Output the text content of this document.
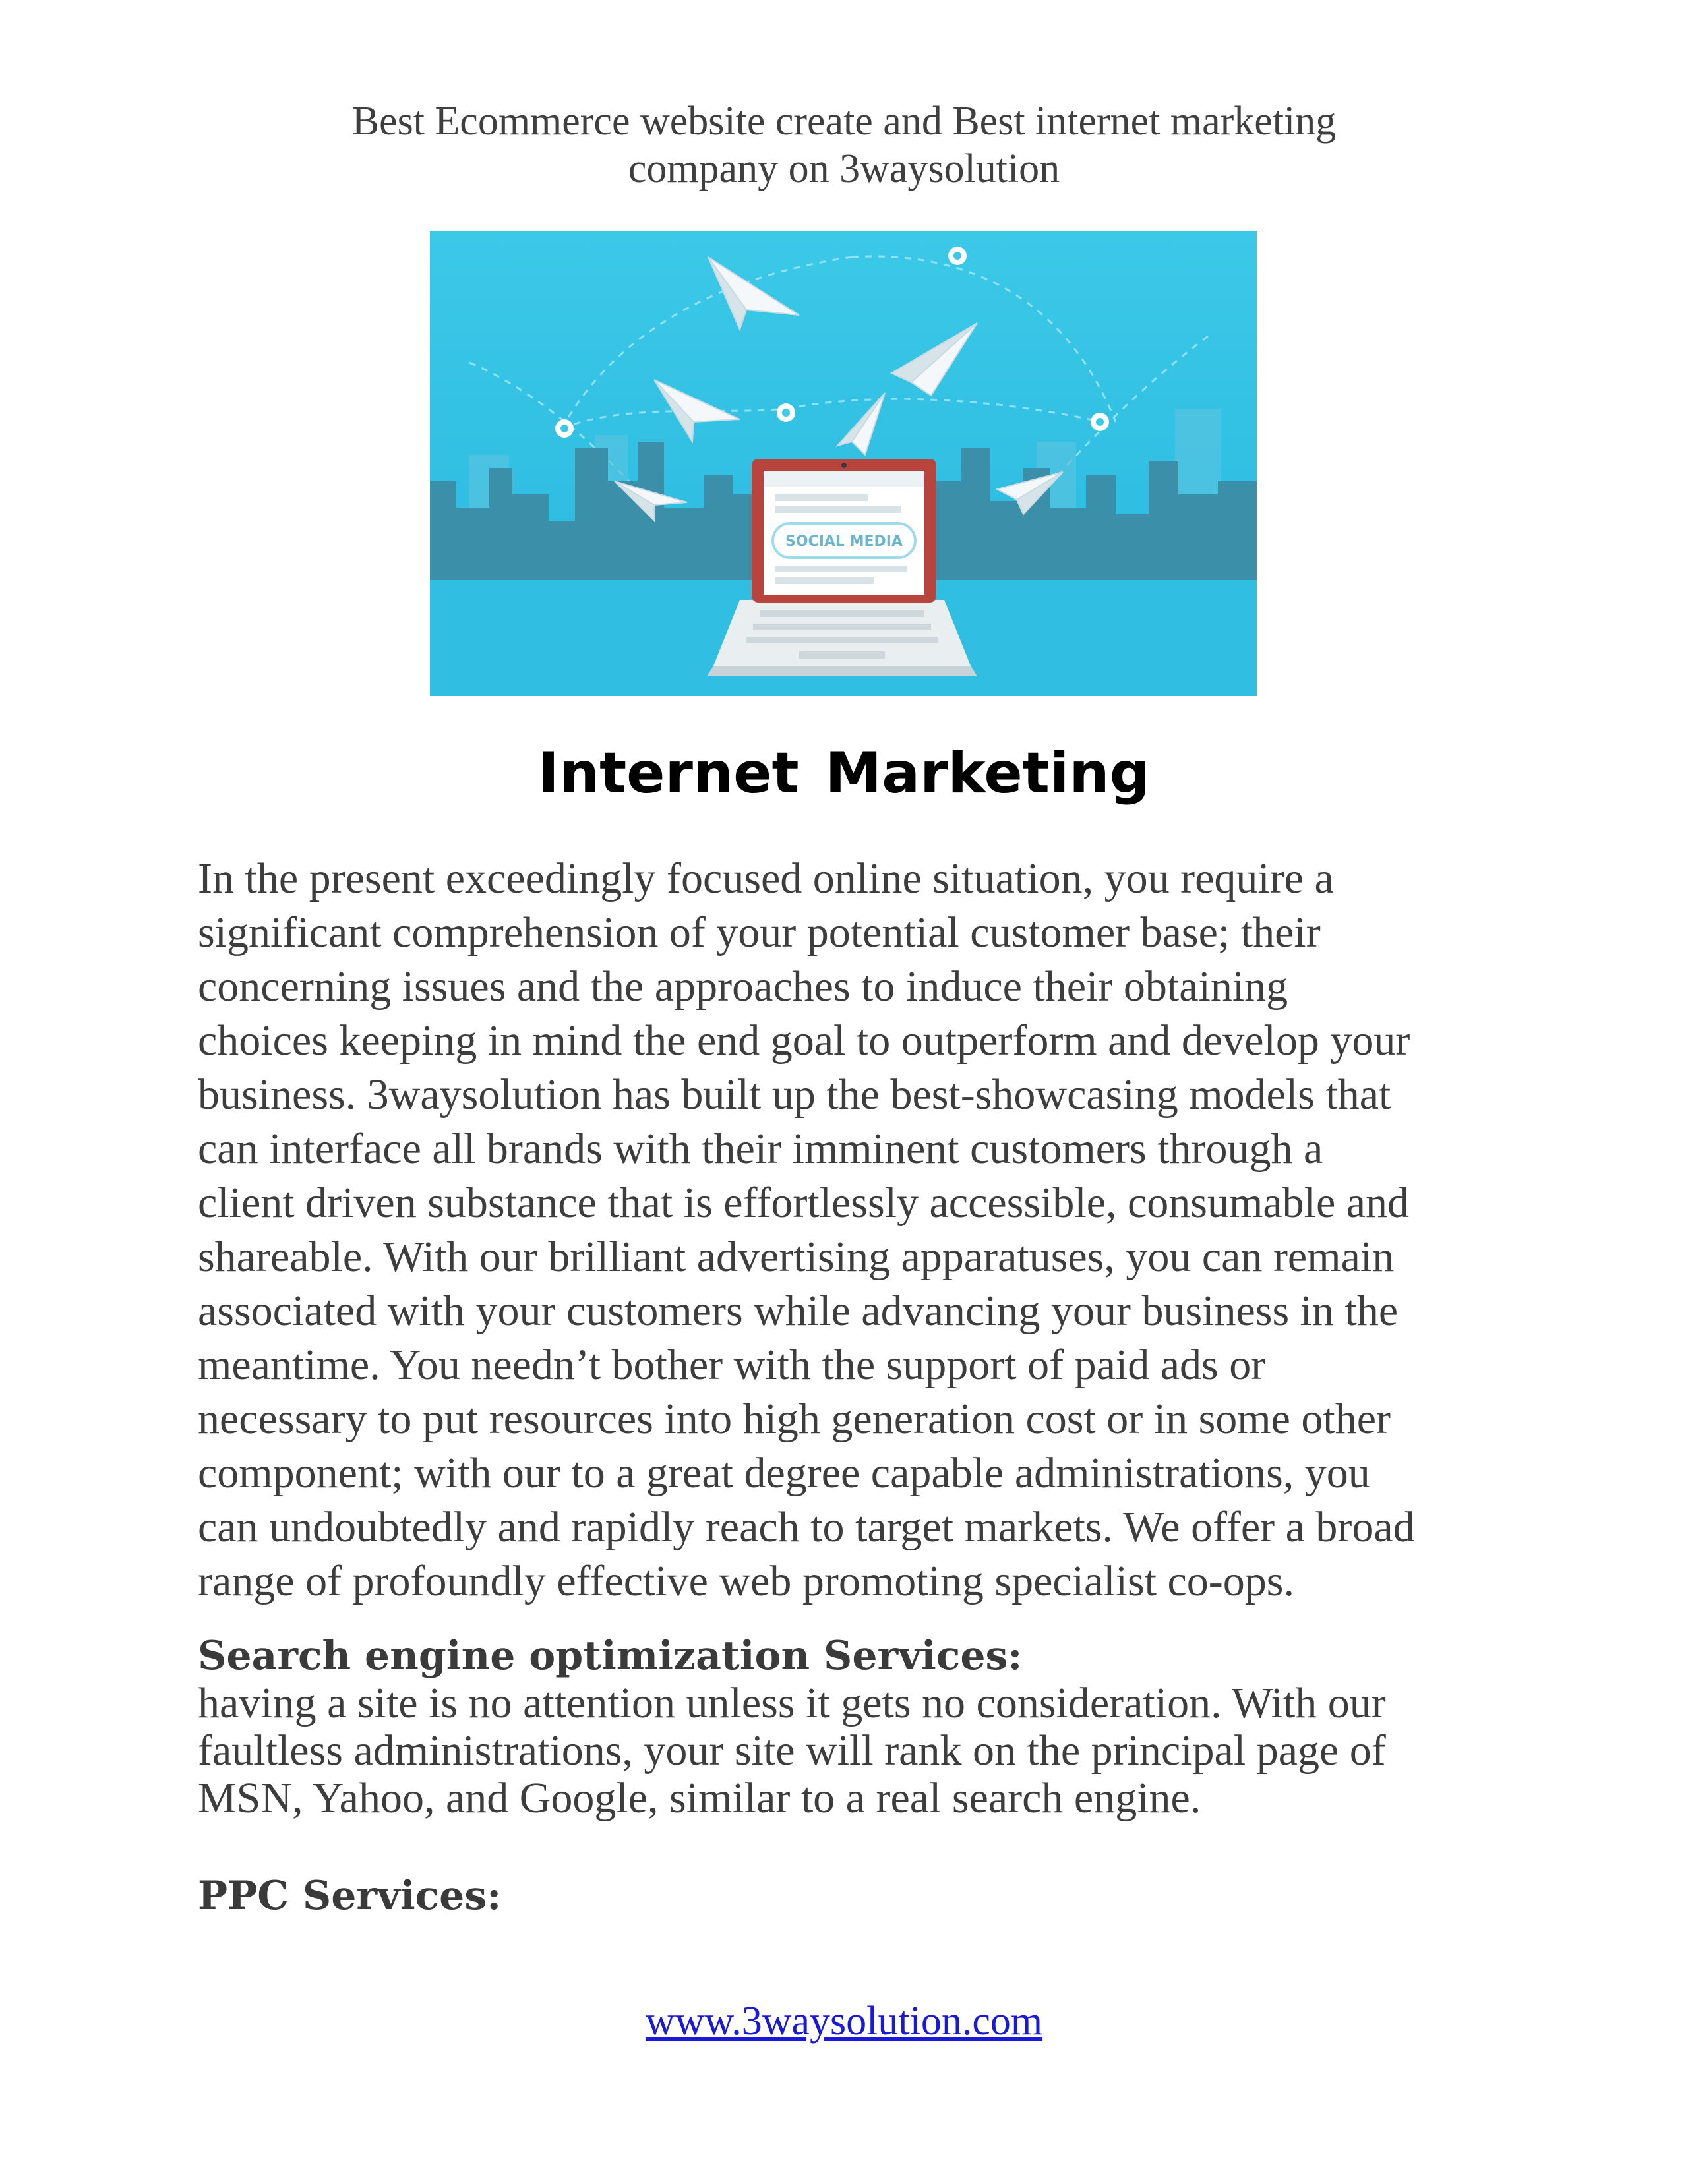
Best Ecommerce website create and Best internet marketing
company on 3waysolution
SOCIAL MEDIA
Internet Marketing
In the present exceedingly focused online situation, you require a
significant comprehension of your potential customer base; their
concerning issues and the approaches to induce their obtaining
choices keeping in mind the end goal to outperform and develop your
business. 3waysolution has built up the best-showcasing models that
can interface all brands with their imminent customers through a
client driven substance that is effortlessly accessible, consumable and
shareable. With our brilliant advertising apparatuses, you can remain
associated with your customers while advancing your business in the
meantime. You needn’t bother with the support of paid ads or
necessary to put resources into high generation cost or in some other
component; with our to a great degree capable administrations, you
can undoubtedly and rapidly reach to target markets. We offer a broad
range of profoundly effective web promoting specialist co-ops.
Search engine optimization Services:
having a site is no attention unless it gets no consideration. With our
faultless administrations, your site will rank on the principal page of
MSN, Yahoo, and Google, similar to a real search engine.
PPC Services:
www.3waysolution.com
